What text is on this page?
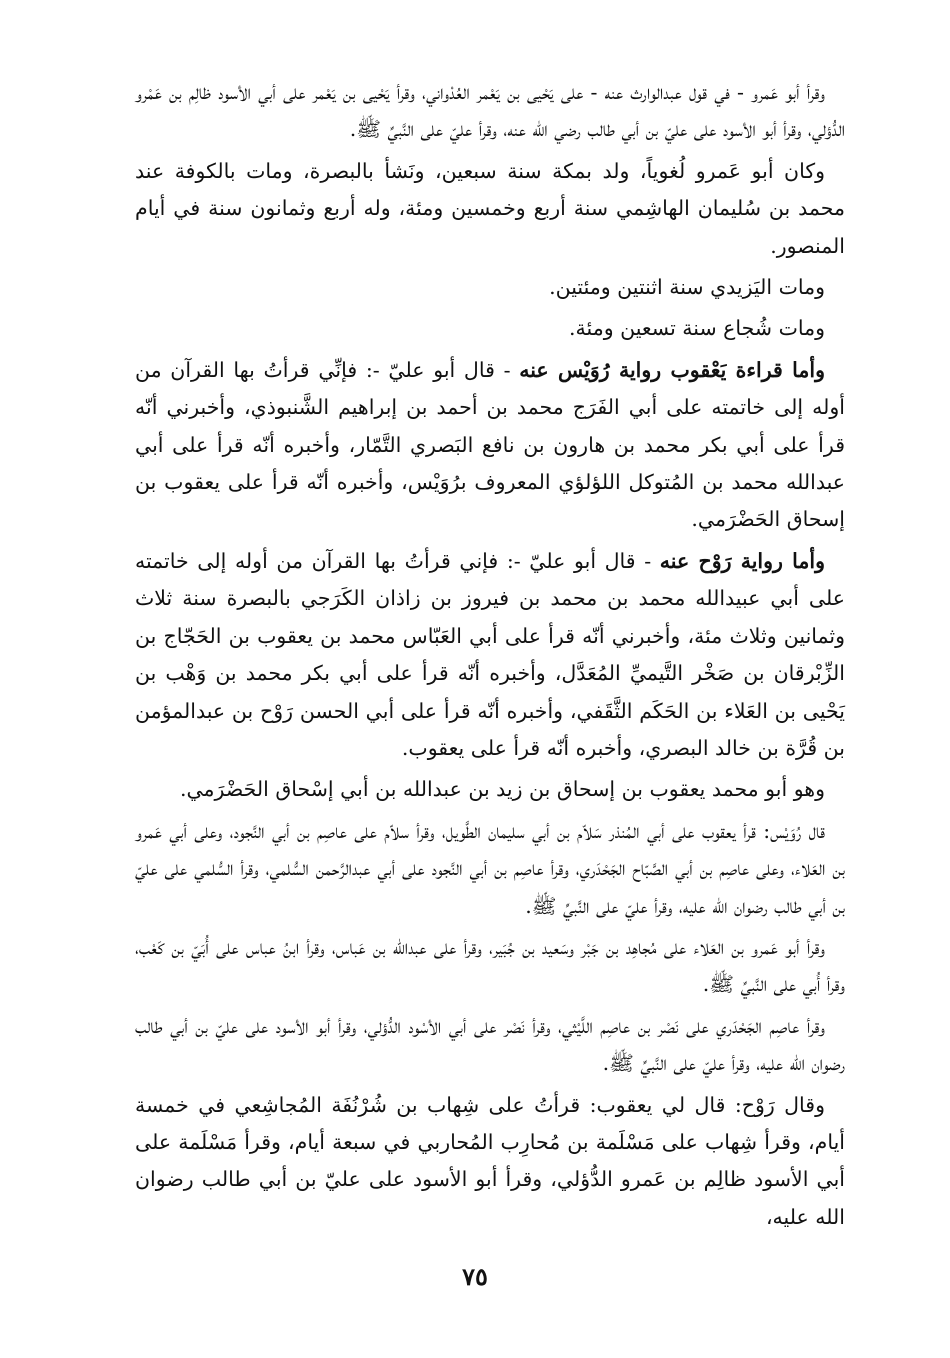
وقرأ أبو عَمرو - في قول عبدالوارث عنه - على يَحْيى بن يَعْمر العُدْواني، وقرأ يَحْيى بن يَعْمر على أبي الأسود ظالِم بن عَمْرو الدُّؤلي، وقرأ أبو الأسود على عليّ بن أبي طالب رضي الله عنه، وقرأ عليّ على النَّبيِّ ﷺ.

وكان أبو عَمرو لُغوياً، ولد بمكة سنة سبعين، ونَشأ بالبصرة، ومات بالكوفة عند محمد بن سُليمان الهاشِمي سنة أربع وخمسين ومئة، وله أربع وثمانون سنة في أيام المنصور.

ومات اليَزيدي سنة اثنتين ومئتين.

ومات شُجاع سنة تسعين ومئة.

وأما قراءة يَعْقوب رواية رُوَيْس عنه - قال أبو عليّ -: فإنِّي قرأتُ بها القرآن من أوله إلى خاتمته على أبي الفَرَج محمد بن أحمد بن إبراهيم الشَّنبوذي، وأخبرني أنّه قرأ على أبي بكر محمد بن هارون بن نافع البَصري التَّمّار، وأخبره أنّه قرأ على أبي عبدالله محمد بن المُتوكل اللؤلؤي المعروف برُوَيْس، وأخبره أنّه قرأ على يعقوب بن إسحاق الحَضْرَمي.

وأما رواية رَوْح عنه - قال أبو عليّ -: فإني قرأتُ بها القرآن من أوله إلى خاتمته على أبي عبيدالله محمد بن محمد بن فيروز بن زاذان الكَرَجي بالبصرة سنة ثلاث وثمانين وثلاث مئة، وأخبرني أنّه قرأ على أبي العَبّاس محمد بن يعقوب بن الحَجّاج بن الزِّبْرقان بن صَخْر التَّيميِّ المُعَدَّل، وأخبره أنّه قرأ على أبي بكر محمد بن وَهْب بن يَحْيى بن العَلاء بن الحَكَم الثَّقَفي، وأخبره أنّه قرأ على أبي الحسن رَوْح بن عبدالمؤمن بن قُرَّة بن خالد البصري، وأخبره أنّه قرأ على يعقوب.

وهو أبو محمد يعقوب بن إسحاق بن زيد بن عبدالله بن أبي إسْحاق الحَضْرَمي.

قال رُوَيْس: قرأ يعقوب على أبي المُنذر سَلاّم بن أبي سليمان الطَّويل، وقرأ سلاّم على عاصِم بن أبي النَّجود، وعلى أبي عَمرو بن العَلاء، وعلى عاصِم بن أبي الصَّبّاح الجَحْدَري، وقرأ عاصِم بن أبي النَّجود على أبي عبدالرَّحمن السُّلمي، وقرأ السُّلمي على عليّ بن أبي طالب رضوان الله عليه، وقرأ عليّ على النَّبيِّ ﷺ.

وقرأ أبو عَمرو بن العَلاء على مُجاهِد بن جَبْر وسَعيد بن جُبَير، وقرأ على عبدالله بن عَباس، وقرأ ابنُ عباس على أُبَيّ بن كَعْب، وقرأ أُبي على النَّبيِّ ﷺ.

وقرأ عاصِم الجَحْدَري على نَصْر بن عاصِم اللَّيْثي، وقرأ نَصْر على أبي الأسْود الدُّؤلي، وقرأ أبو الأسود على عليّ بن أبي طالب رضوان الله عليه، وقرأ عليّ على النَّبيِّ ﷺ.

وقال رَوْح: قال لي يعقوب: قرأتُ على شِهاب بن شُرْنُفَة المُجاشِعي في خمسة أيام، وقرأ شِهاب على مَسْلَمة بن مُحارِب المُحاربي في سبعة أيام، وقرأ مَسْلَمة على أبي الأسود ظالِم بن عَمرو الدُّؤلي، وقرأ أبو الأسود على عليّ بن أبي طالب رضوان الله عليه،

٧٥
